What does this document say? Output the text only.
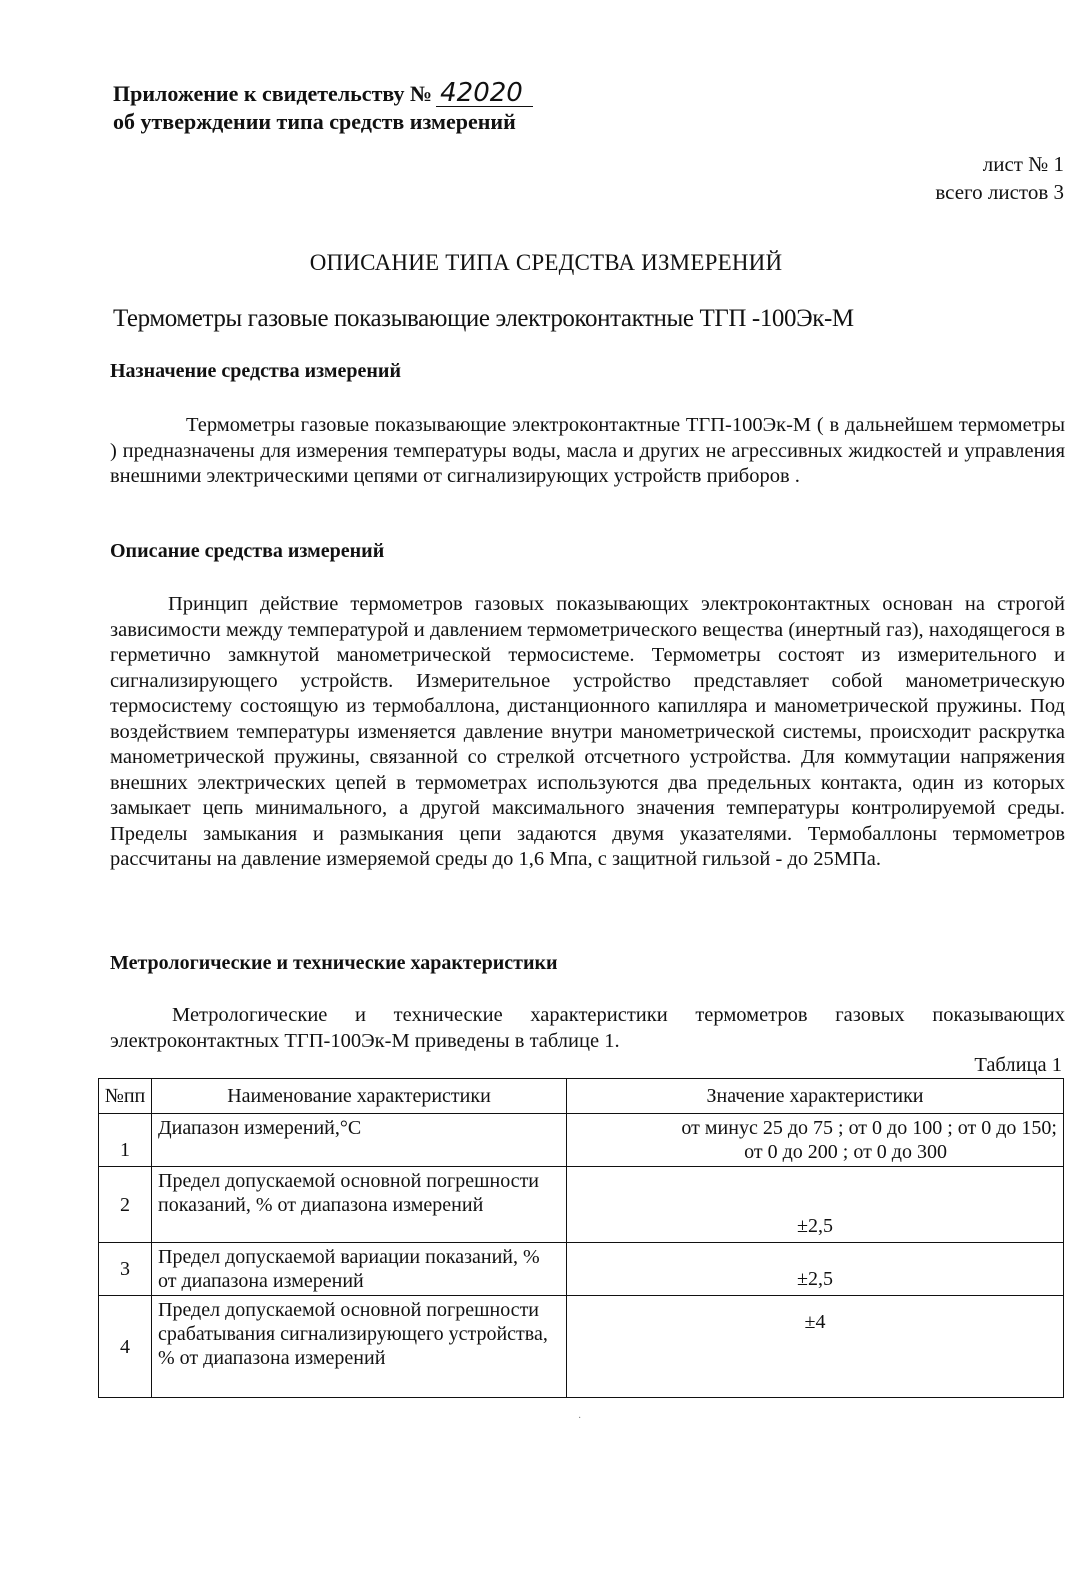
Приложение к свидетельству № 42020
об утверждении типа средств измерений
лист № 1
всего листов 3
ОПИСАНИЕ ТИПА СРЕДСТВА ИЗМЕРЕНИЙ
Термометры газовые показывающие электроконтактные ТГП -100Эк-М
Назначение средства измерений

Термометры газовые показывающие электроконтактные ТГП-100Эк-М ( в дальнейшем термометры ) предназначены для измерения температуры воды, масла и других не агрессивных жидкостей и управления внешними электрическими цепями от сигнализирующих устройств приборов .

Описание средства измерений

Принцип действие термометров газовых показывающих электроконтактных основан на строгой зависимости между температурой и давлением термометрического вещества (инертный газ), находящегося в герметично замкнутой манометрической термосистеме. Термометры состоят из измерительного и сигнализирующего устройств. Измерительное устройство представляет собой манометрическую термосистему состоящую из термобаллона, дистанционного капилляра и манометрической пружины. Под воздействием температуры изменяется давление внутри манометрической системы, происходит раскрутка манометрической пружины, связанной со стрелкой отсчетного устройства. Для коммутации напряжения внешних электрических цепей в термометрах используются два предельных контакта, один из которых замыкает цепь минимального, а другой максимального значения температуры контролируемой среды. Пределы замыкания и размыкания цепи задаются двумя указателями. Термобаллоны термометров рассчитаны на давление измеряемой среды до 1,6 Мпа, с защитной гильзой - до 25МПа.

Метрологические и технические характеристики

Метрологические и технические характеристики термометров газовых показывающих электроконтактных ТГП-100Эк-М приведены в таблице 1.

Таблица 1
№пп	Наименование характеристики	Значение характеристики
1	Диапазон измерений,°С	от минус 25 до 75 ; от 0 до 100 ; от 0 до 150;
от 0 до 200 ; от 0 до 300

2	Предел допускаемой основной погрешности показаний, % от диапазона измерений	±2,5
3	Предел допускаемой вариации показаний, % от диапазона измерений	±2,5
4	Предел допускаемой основной погрешности срабатывания сигнализирующего устройства, % от диапазона измерений	±4
·
